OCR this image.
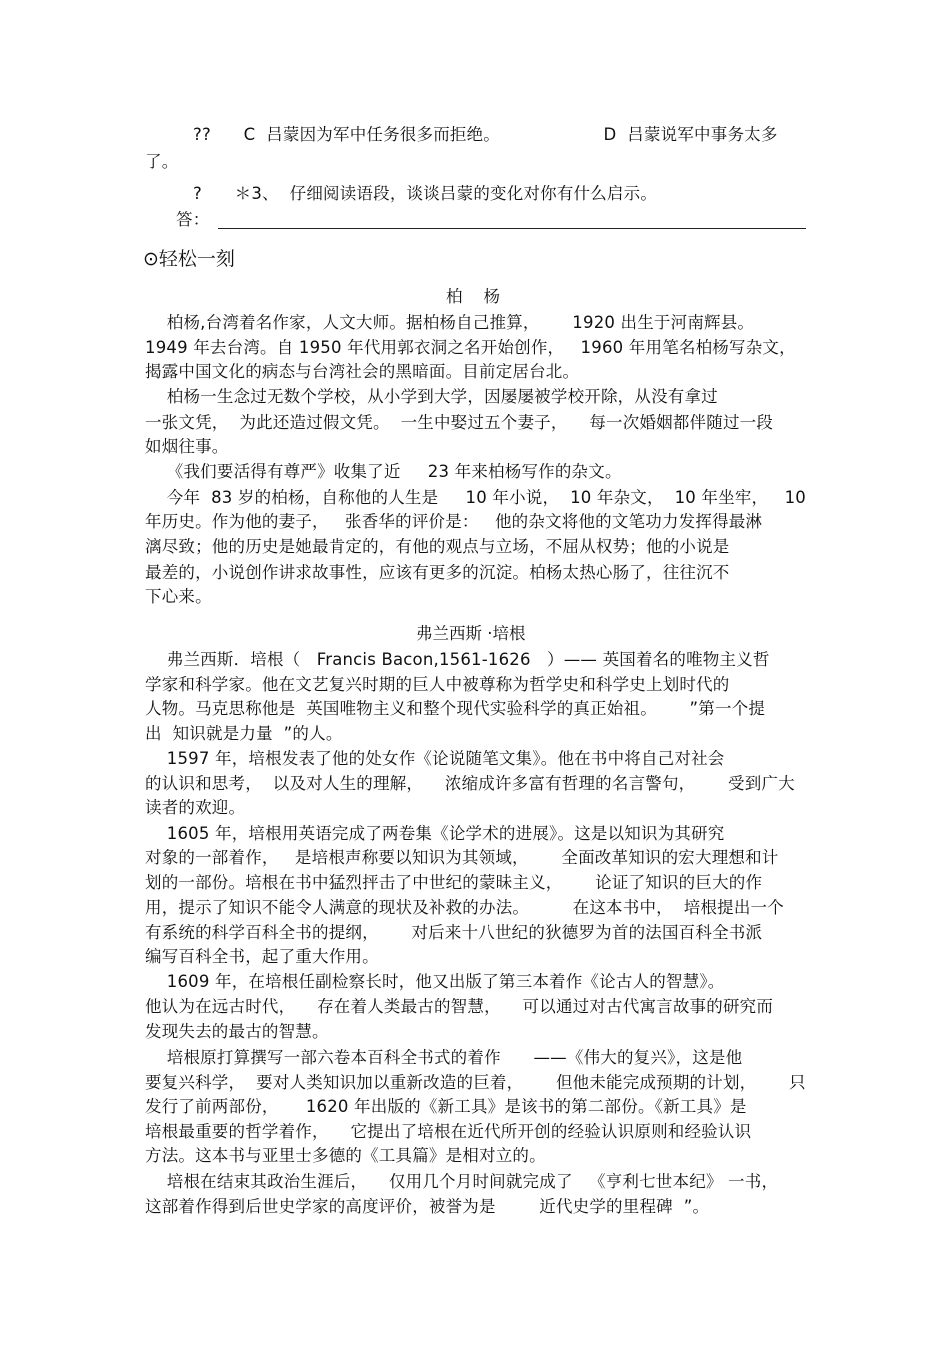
??      C  吕蒙因为军中任务很多而拒绝。                   D  吕蒙说军中事务太多
了。
?      ＊3、  仔细阅读语段，谈谈吕蒙的变化对你有什么启示。
答：
⊙轻松一刻
柏    杨
柏杨,台湾着名作家，人文大师。据柏杨自己推算，      1920 出生于河南辉县。
1949 年去台湾。自 1950 年代用郭衣洞之名开始创作，   1960 年用笔名柏杨写杂文，
揭露中国文化的病态与台湾社会的黑暗面。目前定居台北。
柏杨一生念过无数个学校，从小学到大学，因屡屡被学校开除，从没有拿过
一张文凭，  为此还造过假文凭。  一生中娶过五个妻子，    每一次婚姻都伴随过一段
如烟往事。
《我们要活得有尊严》收集了近     23 年来柏杨写作的杂文。
今年  83 岁的柏杨，自称他的人生是     10 年小说，  10 年杂文，  10 年坐牢，   10
年历史。作为他的妻子，   张香华的评价是：   他的杂文将他的文笔功力发挥得最淋
漓尽致；他的历史是她最肯定的，有他的观点与立场，不屈从权势；他的小说是
最差的，小说创作讲求故事性，应该有更多的沉淀。柏杨太热心肠了，往往沉不
下心来。
弗兰西斯 ·培根
弗兰西斯．培根（   Francis Bacon,1561-1626   ）—— 英国着名的唯物主义哲
学家和科学家。他在文艺复兴时期的巨人中被尊称为哲学史和科学史上划时代的
人物。马克思称他是  英国唯物主义和整个现代实验科学的真正始祖。      ”第一个提
出  知识就是力量  ”的人。
1597 年，培根发表了他的处女作《论说随笔文集》。他在书中将自己对社会
的认识和思考，  以及对人生的理解，    浓缩成许多富有哲理的名言警句，      受到广大
读者的欢迎。
1605 年，培根用英语完成了两卷集《论学术的进展》。这是以知识为其研究
对象的一部着作，   是培根声称要以知识为其领域，      全面改革知识的宏大理想和计
划的一部份。培根在书中猛烈抨击了中世纪的蒙昧主义，      论证了知识的巨大的作
用，提示了知识不能令人满意的现状及补救的办法。        在这本书中，  培根提出一个
有系统的科学百科全书的提纲，      对后来十八世纪的狄德罗为首的法国百科全书派
编写百科全书，起了重大作用。
1609 年，在培根任副检察长时，他又出版了第三本着作《论古人的智慧》。
他认为在远古时代，    存在着人类最古的智慧，    可以通过对古代寓言故事的研究而
发现失去的最古的智慧。
培根原打算撰写一部六卷本百科全书式的着作      ——《伟大的复兴》，这是他
要复兴科学，  要对人类知识加以重新改造的巨着，      但他未能完成预期的计划，      只
发行了前两部份，     1620 年出版的《新工具》是该书的第二部份。《新工具》是
培根最重要的哲学着作，    它提出了培根在近代所开创的经验认识原则和经验认识
方法。这本书与亚里士多德的《工具篇》是相对立的。
培根在结束其政治生涯后，    仅用几个月时间就完成了   《亨利七世本纪》 一书，
这部着作得到后世史学家的高度评价，被誉为是        近代史学的里程碑  ”。
